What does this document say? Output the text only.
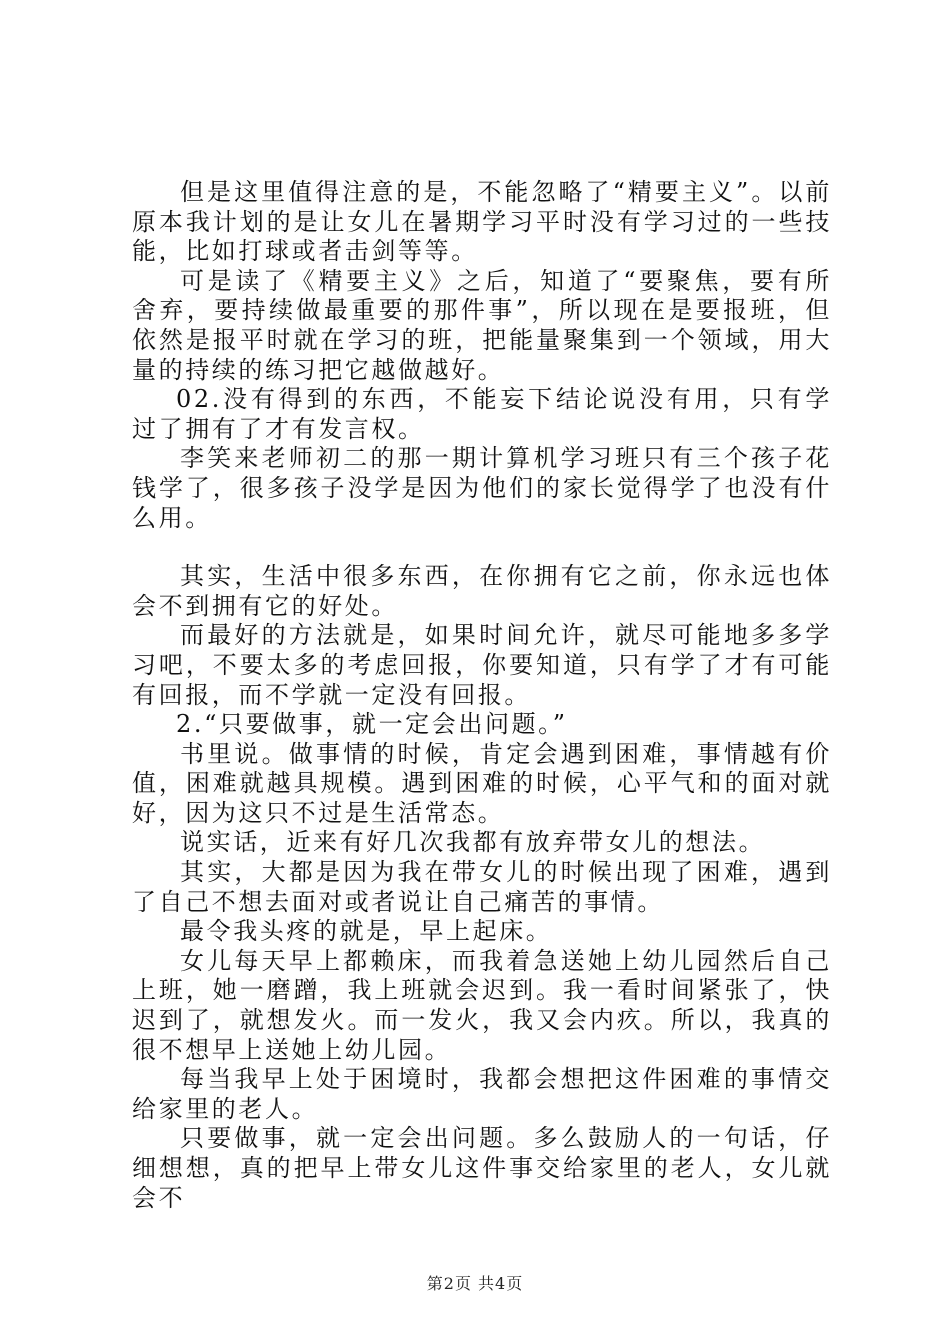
但是这里值得注意的是，不能忽略了“精要主义”。以前原本我计划的是让女儿在暑期学习平时没有学习过的一些技能，比如打球或者击剑等等。

可是读了《精要主义》之后，知道了“要聚焦，要有所舍弃，要持续做最重要的那件事”，所以现在是要报班，但依然是报平时就在学习的班，把能量聚集到一个领域，用大量的持续的练习把它越做越好。

02.没有得到的东西，不能妄下结论说没有用，只有学过了拥有了才有发言权。

李笑来老师初二的那一期计算机学习班只有三个孩子花钱学了，很多孩子没学是因为他们的家长觉得学了也没有什么用。

其实，生活中很多东西，在你拥有它之前，你永远也体会不到拥有它的好处。

而最好的方法就是，如果时间允许，就尽可能地多多学习吧，不要太多的考虑回报，你要知道，只有学了才有可能有回报，而不学就一定没有回报。

2.“只要做事，就一定会出问题。”

书里说。做事情的时候，肯定会遇到困难，事情越有价值，困难就越具规模。遇到困难的时候，心平气和的面对就好，因为这只不过是生活常态。

说实话，近来有好几次我都有放弃带女儿的想法。

其实，大都是因为我在带女儿的时候出现了困难，遇到了自己不想去面对或者说让自己痛苦的事情。

最令我头疼的就是，早上起床。

女儿每天早上都赖床，而我着急送她上幼儿园然后自己上班，她一磨蹭，我上班就会迟到。我一看时间紧张了，快迟到了，就想发火。而一发火，我又会内疚。所以，我真的很不想早上送她上幼儿园。

每当我早上处于困境时，我都会想把这件困难的事情交给家里的老人。

只要做事，就一定会出问题。多么鼓励人的一句话，仔细想想，真的把早上带女儿这件事交给家里的老人，女儿就会不

第2页 共4页
